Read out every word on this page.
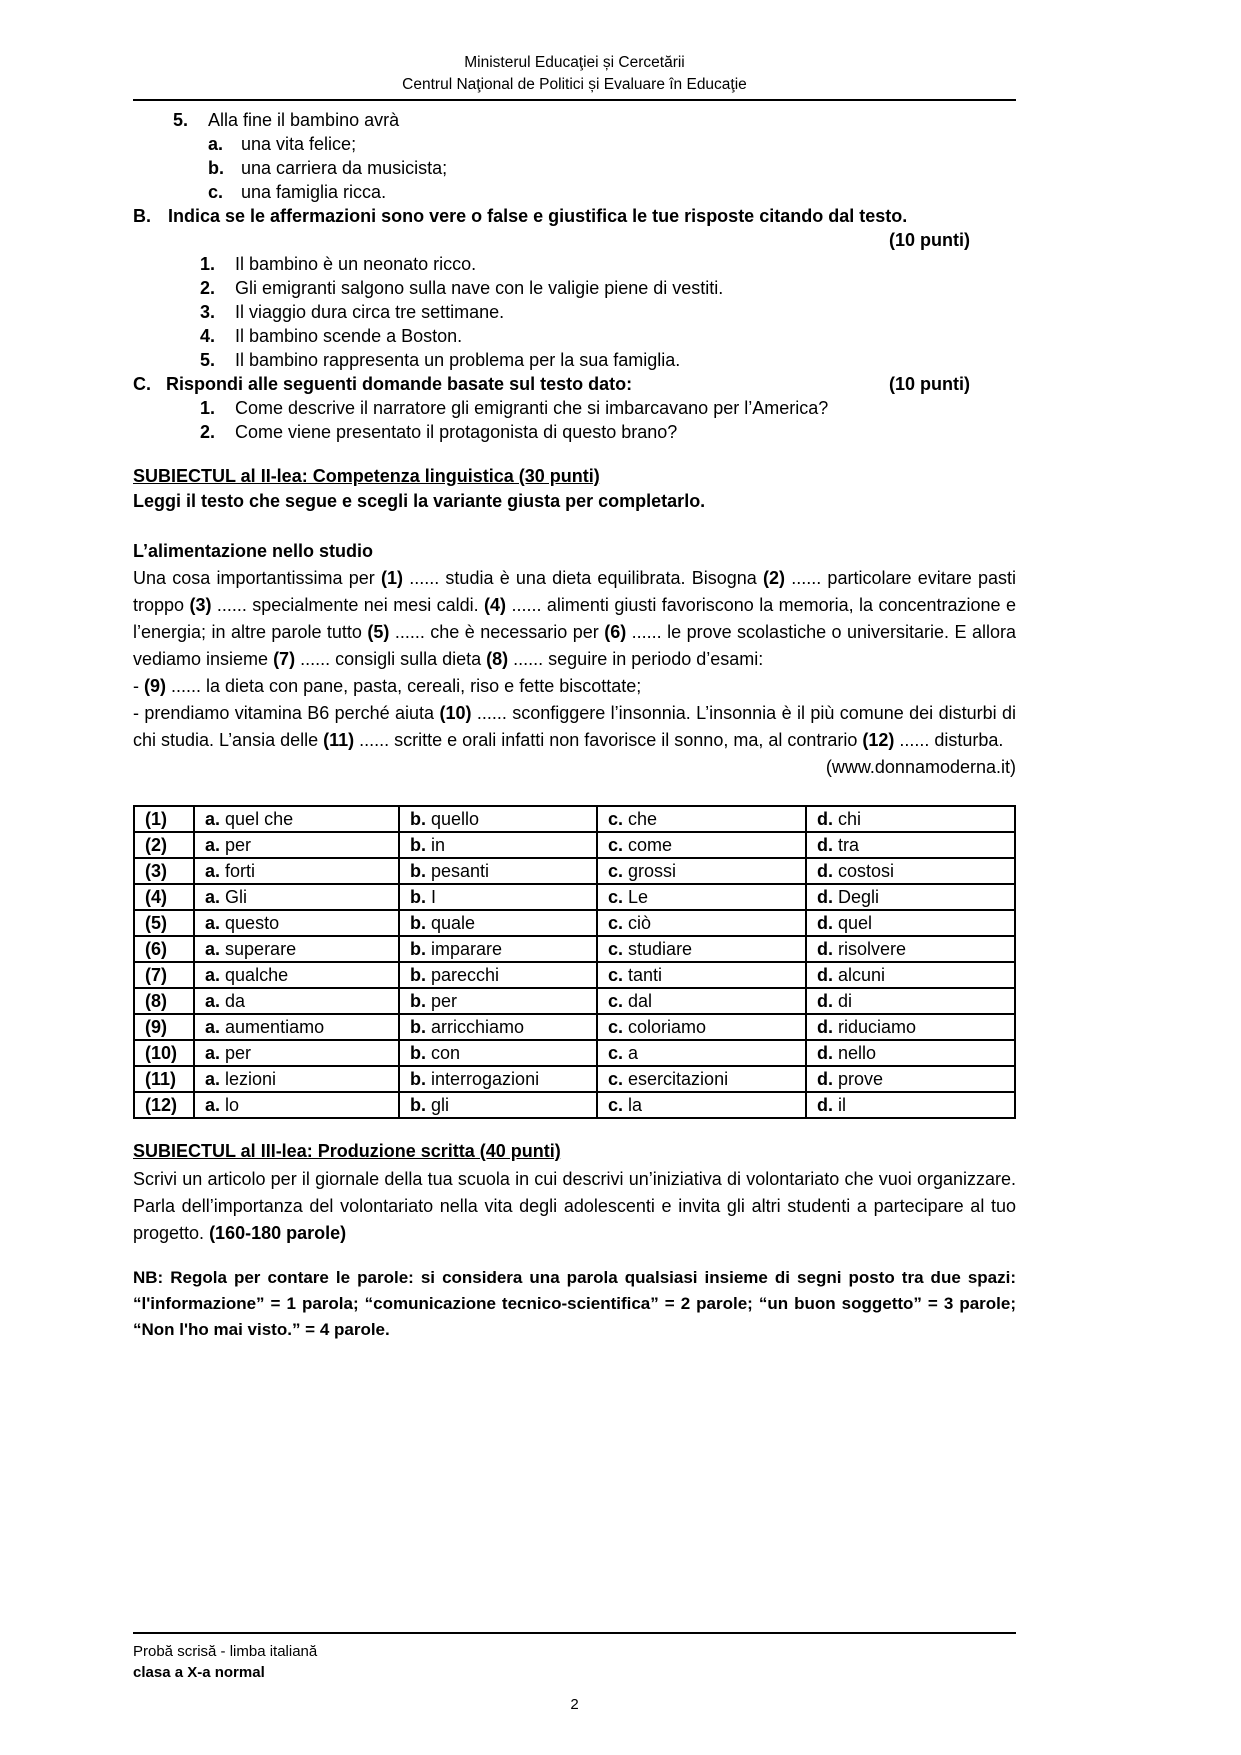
Ministerul Educaţiei și Cercetării
Centrul Naţional de Politici și Evaluare în Educaţie
5.	Alla fine il bambino avrà
a. una vita felice;
b. una carriera da musicista;
c. una famiglia ricca.
B. Indica se le affermazioni sono vere o false e giustifica le tue risposte citando dal testo.
(10 punti)
1.	Il bambino è un neonato ricco.
2.	Gli emigranti salgono sulla nave con le valigie piene di vestiti.
3.	Il viaggio dura circa tre settimane.
4.	Il bambino scende a Boston.
5.	Il bambino rappresenta un problema per la sua famiglia.
C. Rispondi alle seguenti domande basate sul testo dato:	(10 punti)
1.	Come descrive il narratore gli emigranti che si imbarcavano per l’America?
2.	Come viene presentato il protagonista di questo brano?
SUBIECTUL al II-lea: Competenza linguistica (30 punti)

Leggi il testo che segue e scegli la variante giusta per completarlo.

L’alimentazione nello studio

Una cosa importantissima per (1) ...... studia è una dieta equilibrata. Bisogna (2) ...... particolare evitare pasti troppo (3) ...... specialmente nei mesi caldi. (4) ...... alimenti giusti favoriscono la memoria, la concentrazione e l’energia; in altre parole tutto (5) ...... che è necessario per (6) ...... le prove scolastiche o universitarie. E allora vediamo insieme (7) ...... consigli sulla dieta (8) ...... seguire in periodo d’esami:

- (9) ...... la dieta con pane, pasta, cereali, riso e fette biscottate;

- prendiamo vitamina B6 perché aiuta (10) ...... sconfiggere l’insonnia. L’insonnia è il più comune dei disturbi di chi studia. L’ansia delle (11) ...... scritte e orali infatti non favorisce il sonno, ma, al contrario (12) ...... disturba.

(www.donnamoderna.it)

(1)	a. quel che	b. quello	c. che	d. chi
(2)	a. per	b. in	c. come	d. tra
(3)	a. forti	b. pesanti	c. grossi	d. costosi
(4)	a. Gli	b. I	c. Le	d. Degli
(5)	a. questo	b. quale	c. ciò	d. quel
(6)	a. superare	b. imparare	c. studiare	d. risolvere
(7)	a. qualche	b. parecchi	c. tanti	d. alcuni
(8)	a. da	b. per	c. dal	d. di
(9)	a. aumentiamo	b. arricchiamo	c. coloriamo	d. riduciamo
(10)	a. per	b. con	c. a	d. nello
(11)	a. lezioni	b. interrogazioni	c. esercitazioni	d. prove
(12)	a. lo	b. gli	c. la	d. il
SUBIECTUL al III-lea: Produzione scritta (40 punti)

Scrivi un articolo per il giornale della tua scuola in cui descrivi un’iniziativa di volontariato che vuoi organizzare. Parla dell’importanza del volontariato nella vita degli adolescenti e invita gli altri studenti a partecipare al tuo progetto. (160-180 parole)

NB: Regola per contare le parole: si considera una parola qualsiasi insieme di segni posto tra due spazi: “l'informazione” = 1 parola; “comunicazione tecnico-scientifica” = 2 parole; “un buon soggetto” = 3 parole; “Non l'ho mai visto.” = 4 parole.

Probă scrisă - limba italiană
clasa a X-a normal
2
